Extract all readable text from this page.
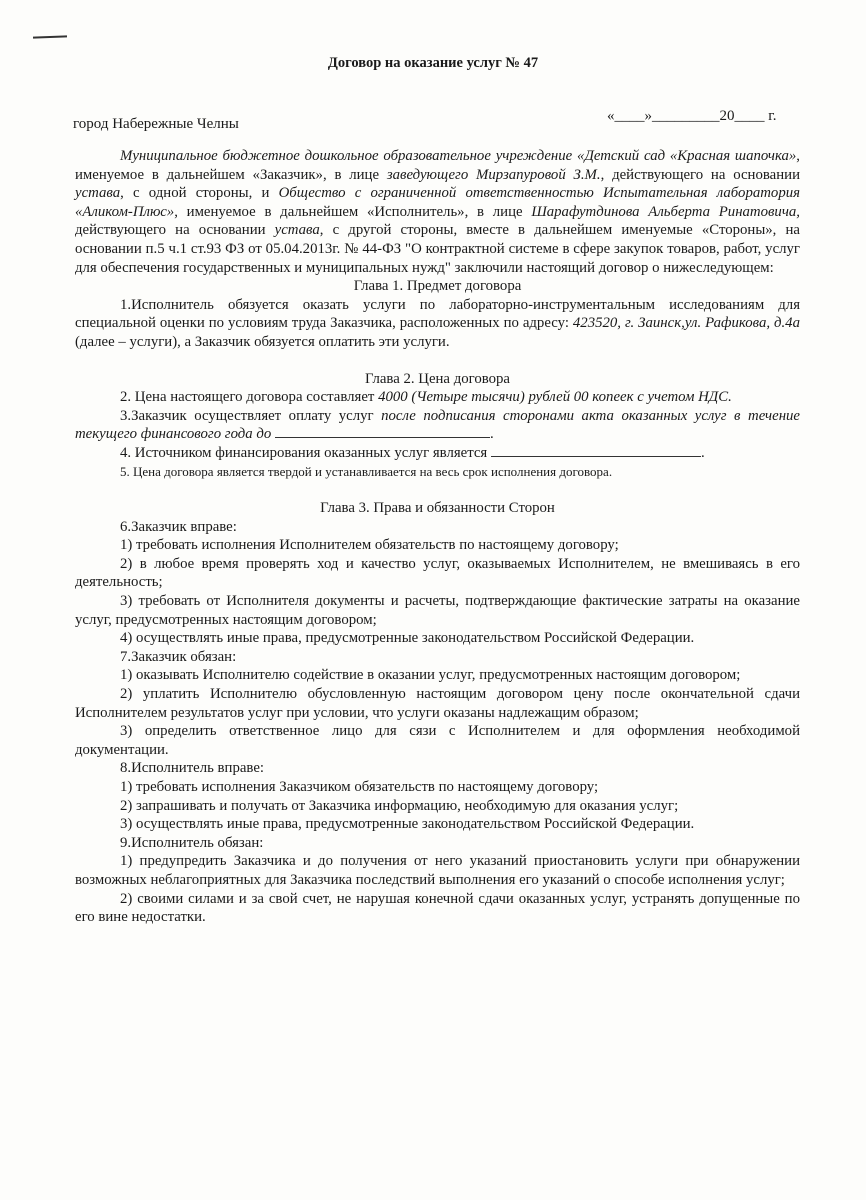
Договор на оказание услуг № 47
город Набережные Челны	«____»_________20____ г.

Муниципальное бюджетное дошкольное образовательное учреждение «Детский сад «Красная шапочка», именуемое в дальнейшем «Заказчик», в лице заведующего Мирзапуровой З.М., действующего на основании устава, с одной стороны, и Общество с ограниченной ответственностью Испытательная лаборатория «Аликом-Плюс», именуемое в дальнейшем «Исполнитель», в лице Шарафутдинова Альберта Ринатовича, действующего на основании устава, с другой стороны, вместе в дальнейшем именуемые «Стороны», на основании п.5 ч.1 ст.93 ФЗ от 05.04.2013г. № 44-ФЗ "О контрактной системе в сфере закупок товаров, работ, услуг для обеспечения государственных и муниципальных нужд" заключили настоящий договор о нижеследующем:

Глава 1. Предмет договора

1.Исполнитель обязуется оказать услуги по лабораторно-инструментальным исследованиям для специальной оценки по условиям труда Заказчика, расположенных по адресу: 423520, г. Заинск,ул. Рафикова, д.4а (далее – услуги), а Заказчик обязуется оплатить эти услуги.

Глава 2. Цена договора

2. Цена настоящего договора составляет 4000 (Четыре тысячи) рублей 00 копеек с учетом НДС.

3.Заказчик осуществляет оплату услуг после подписания сторонами акта оказанных услуг в течение текущего финансового года до	.

4. Источником финансирования оказанных услуг является	.

5. Цена договора является твердой и устанавливается на весь срок исполнения договора.

Глава 3. Права и обязанности Сторон

6.Заказчик вправе:

1) требовать исполнения Исполнителем обязательств по настоящему договору;

2) в любое время проверять ход и качество услуг, оказываемых Исполнителем, не вмешиваясь в его деятельность;

3) требовать от Исполнителя документы и расчеты, подтверждающие фактические затраты на оказание услуг, предусмотренных настоящим договором;

4) осуществлять иные права, предусмотренные законодательством Российской Федерации.

7.Заказчик обязан:

1) оказывать Исполнителю содействие в оказании услуг, предусмотренных настоящим договором;

2) уплатить Исполнителю обусловленную настоящим договором цену после окончательной сдачи Исполнителем результатов услуг при условии, что услуги оказаны надлежащим образом;

3) определить ответственное лицо для сязи с Исполнителем и для оформления необходимой документации.

8.Исполнитель вправе:

1) требовать исполнения Заказчиком обязательств по настоящему договору;

2) запрашивать и получать от Заказчика информацию, необходимую для оказания услуг;

3) осуществлять иные права, предусмотренные законодательством Российской Федерации.

9.Исполнитель обязан:

1) предупредить Заказчика и до получения от него указаний приостановить услуги при обнаружении возможных неблагоприятных для Заказчика последствий выполнения его указаний о способе исполнения услуг;

2) своими силами и за свой счет, не нарушая конечной сдачи оказанных услуг, устранять допущенные по его вине недостатки.
